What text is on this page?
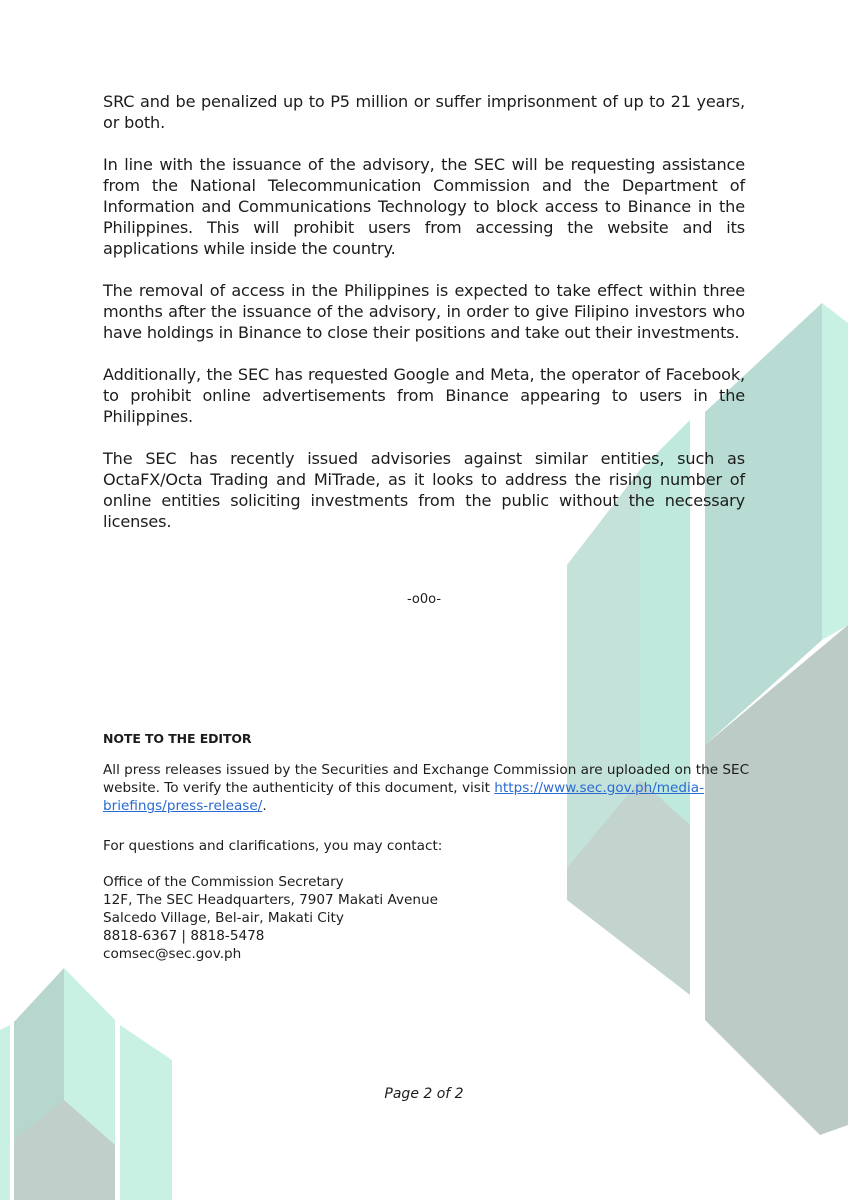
SRC and be penalized up to P5 million or suffer imprisonment of up to 21 years, or both.

In line with the issuance of the advisory, the SEC will be requesting assistance from the National Telecommunication Commission and the Department of Information and Communications Technology to block access to Binance in the Philippines. This will prohibit users from accessing the website and its applications while inside the country.

The removal of access in the Philippines is expected to take effect within three months after the issuance of the advisory, in order to give Filipino investors who have holdings in Binance to close their positions and take out their investments.

Additionally, the SEC has requested Google and Meta, the operator of Facebook, to prohibit online advertisements from Binance appearing to users in the Philippines.

The SEC has recently issued advisories against similar entities, such as OctaFX/Octa Trading and MiTrade, as it looks to address the rising number of online entities soliciting investments from the public without the necessary licenses.

-o0o-
NOTE TO THE EDITOR

All press releases issued by the Securities and Exchange Commission are uploaded on the SEC website. To verify the authenticity of this document, visit https://www.sec.gov.ph/media-briefings/press-release/.

For questions and clarifications, you may contact:

Office of the Commission Secretary

12F, The SEC Headquarters, 7907 Makati Avenue

Salcedo Village, Bel-air, Makati City

8818-6367 | 8818-5478

comsec@sec.gov.ph

Page 2 of 2
